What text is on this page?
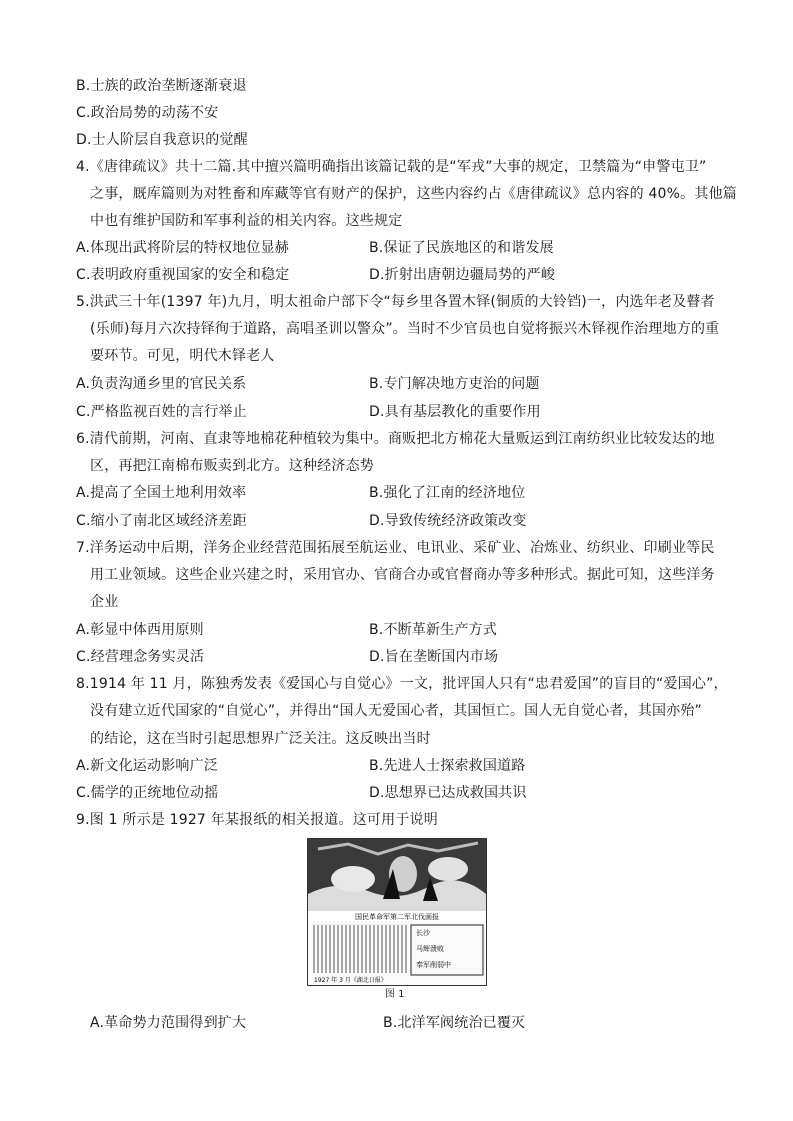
B.士族的政治垄断逐渐衰退
C.政治局势的动荡不安
D.士人阶层自我意识的觉醒
4.《唐律疏议》共十二篇.其中擅兴篇明确指出该篇记载的是“军戎”大事的规定，卫禁篇为“申警屯卫”
之事，厩库篇则为对牲畜和库藏等官有财产的保护，这些内容约占《唐律疏议》总内容的 40%。其他篇
中也有维护国防和军事利益的相关内容。这些规定
A.体现出武将阶层的特权地位显赫	B.保证了民族地区的和谐发展
C.表明政府重视国家的安全和稳定	D.折射出唐朝边疆局势的严峻
5.洪武三十年(1397 年)九月，明太祖命户部下令“每乡里各置木铎(铜质的大铃铛)一，内选年老及瞽者
(乐师)每月六次持铎徇于道路，高唱圣训以警众”。当时不少官员也自觉将振兴木铎视作治理地方的重
要环节。可见，明代木铎老人
A.负责沟通乡里的官民关系	B.专门解决地方吏治的问题
C.严格监视百姓的言行举止	D.具有基层教化的重要作用
6.清代前期，河南、直隶等地棉花种植较为集中。商贩把北方棉花大量贩运到江南纺织业比较发达的地
区，再把江南棉布贩卖到北方。这种经济态势
A.提高了全国土地利用效率	B.强化了江南的经济地位
C.缩小了南北区域经济差距	D.导致传统经济政策改变
7.洋务运动中后期，洋务企业经营范围拓展至航运业、电讯业、采矿业、冶炼业、纺织业、印刷业等民
用工业领域。这些企业兴建之时，采用官办、官商合办或官督商办等多种形式。据此可知，这些洋务
企业
A.彰显中体西用原则	B.不断革新生产方式
C.经营理念务实灵活	D.旨在垄断国内市场
8.1914 年 11 月，陈独秀发表《爱国心与自觉心》一文，批评国人只有“忠君爱国”的盲目的“爱国心”，
没有建立近代国家的“自觉心”，并得出“国人无爱国心者，其国恒亡。国人无自觉心者，其国亦殆”
的结论，这在当时引起思想界广泛关注。这反映出当时
A.新文化运动影响广泛	B.先进人士探索救国道路
C.儒学的正统地位动摇	D.思想界已达成救国共识
9.图 1 所示是 1927 年某报纸的相关报道。这可用于说明
国民革命军第二军北伐画报
长沙
马辉溃败
奉军削弱中
1927 年 3 月《湖北日报》
图 1
A.革命势力范围得到扩大	B.北洋军阀统治已覆灭
